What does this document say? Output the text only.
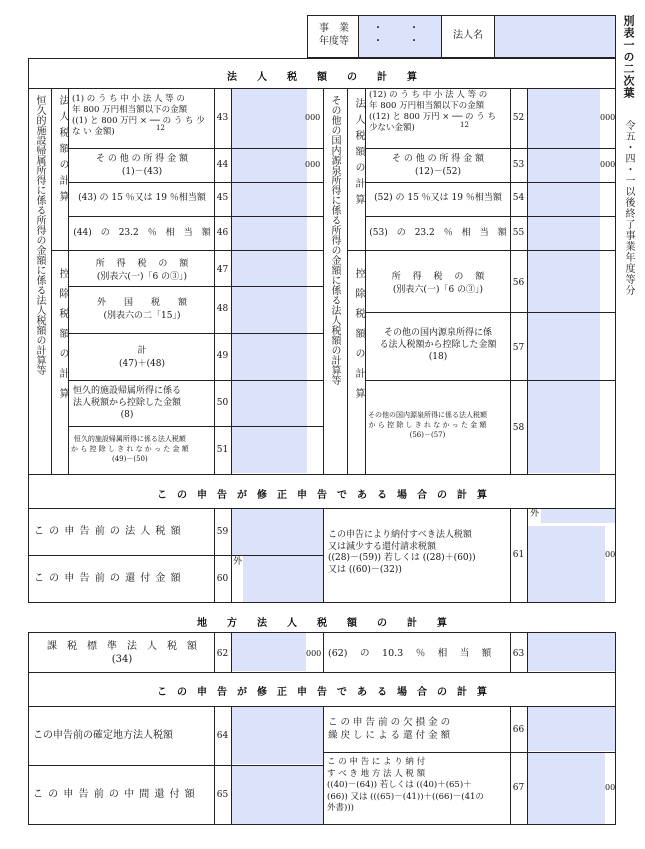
事　業
年度等
・　・
・　・
法人名	別表一の二次葉
令五・四・一以後終了事業年度等分
法　　人　　税　　額　　の　　計　　算
恒久的施設帰属所得に係る所得の金額に係る法人税額の計算等 法人税額の計算
控除税額の計算
(1) の う ち 中 小 法 人 等 の
年 800 万円相当額以下の金額
((1) と 800 万円 × ── の う ち 少
な い 金額)	12
43	000
そ の 他 の 所 得 金 額
(1)－(43)
44	000
(43) の 15 ％又は 19 ％相当額	45
(44)　の　23.2　％　相　当　額 46
所　 得 　税 　の 　額
(別表六(一)「6 の③」)
47
外　　国　　税　　額
(別表六の二「15」)
48
計
(47)＋(48)
49
恒久的施設帰属所得に係る
法人税額から控除した金額
(8)
50
恒久的施設帰属所得に係る法人税額
か ら 控 除 し き れ な か っ た 金 額
(49)－(50)
51
その他の国内源泉所得に係る所得の金額に係る法人税額の計算等 法人税額の計算
控除税額の計算
(12) の う ち 中 小 法 人 等 の
年 800 万円相当額以下の金額
((12) と 800 万円 × ── の う ち
少ない金額)	12
52	000
そ の 他 の 所 得 金 額
(12)－(52)
53	000
(52) の 15 ％又は 19 ％相当額	54
(53)　の　23.2　％　相　当　額 55
所　 得 　税 　の 　額
(別表六(一)「6 の③」)
56
その他の国内源泉所得に係
る法人税額から控除した金額
(18)
57
その他の国内源泉所得に係る法人税額
か ら 控 除 し き れ な か っ た 金 額
(56)－(57)
58
こ　の　申　告　が　修　正　申　告　で　あ　る　場　合　の　計　算
こ の 申 告 前 の 法 人 税 額	59
こ の 申 告 前 の 還 付 金 額	60
外
この申告により納付すべき法人税額
又は減少する還付請求税額
((28)－(59)) 若しくは ((28)＋(60))
又は ((60)－(32))
61
外
00
地　　方　　法　　人　　税　　額　　の　　計　　算
課　税　標　準　法　人　税　額
(34)	62	000 (62)　 の　 10.3　 ％　 相　 当　 額	63
こ　の　申　告　が　修　正　申　告　で　あ　る　場　合　の　計　算
この申告前の確定地方法人税額	64
こ の 申 告 前 の 中 間 還 付 額	65
こ の 申 告 前 の 欠 損 金 の
繰 戻 し に よ る 還 付 金 額	66
こ の 申 告 に よ り 納 付
す べ き 地 方 法 人 税 額
((40)－(64)) 若しくは ((40)＋(65)＋
(66)) 又は (((65)－(41))＋((66)－(41の
外書)))
67	00
